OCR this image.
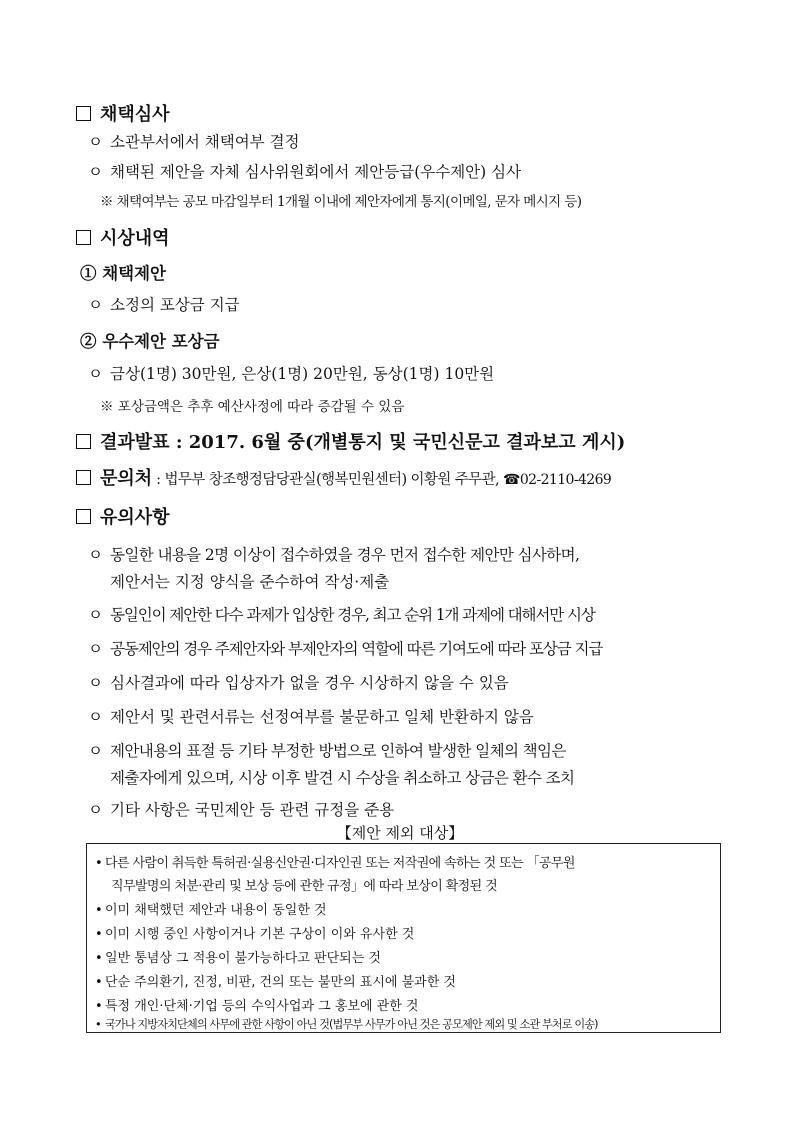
채택심사
ㅇ 소관부서에서 채택여부 결정
ㅇ 채택된 제안을 자체 심사위원회에서 제안등급(우수제안) 심사
※ 채택여부는 공모 마감일부터 1개월 이내에 제안자에게 통지(이메일, 문자 메시지 등)
시상내역
① 채택제안
ㅇ 소정의 포상금 지급
② 우수제안 포상금
ㅇ 금상(1명) 30만원, 은상(1명) 20만원, 동상(1명) 10만원
※ 포상금액은 추후 예산사정에 따라 증감될 수 있음
결과발표 : 2017. 6월 중(개별통지 및 국민신문고 결과보고 게시)
문의처 : 법무부 창조행정담당관실(행복민원센터) 이황원 주무관, ☎02-2110-4269
유의사항
ㅇ 동일한 내용을 2명 이상이 접수하였을 경우 먼저 접수한 제안만 심사하며,
제안서는 지정 양식을 준수하여 작성·제출
ㅇ 동일인이 제안한 다수 과제가 입상한 경우, 최고 순위 1개 과제에 대해서만 시상
ㅇ 공동제안의 경우 주제안자와 부제안자의 역할에 따른 기여도에 따라 포상금 지급
ㅇ 심사결과에 따라 입상자가 없을 경우 시상하지 않을 수 있음
ㅇ 제안서 및 관련서류는 선정여부를 불문하고 일체 반환하지 않음
ㅇ 제안내용의 표절 등 기타 부정한 방법으로 인하여 발생한 일체의 책임은
제출자에게 있으며, 시상 이후 발견 시 수상을 취소하고 상금은 환수 조치
ㅇ 기타 사항은 국민제안 등 관련 규정을 준용
【제안 제외 대상】
• 다른 사람이 취득한 특허권·실용신안권·디자인권 또는 저작권에 속하는 것 또는 「공무원
직무발명의 처분·관리 및 보상 등에 관한 규정」에 따라 보상이 확정된 것
• 이미 채택했던 제안과 내용이 동일한 것
• 이미 시행 중인 사항이거나 기본 구상이 이와 유사한 것
• 일반 통념상 그 적용이 불가능하다고 판단되는 것
• 단순 주의환기, 진정, 비판, 건의 또는 불만의 표시에 불과한 것
• 특정 개인·단체·기업 등의 수익사업과 그 홍보에 관한 것
• 국가나 지방자치단체의 사무에 관한 사항이 아닌 것(법무부 사무가 아닌 것은 공모제안 제외 및 소관 부처로 이송)
